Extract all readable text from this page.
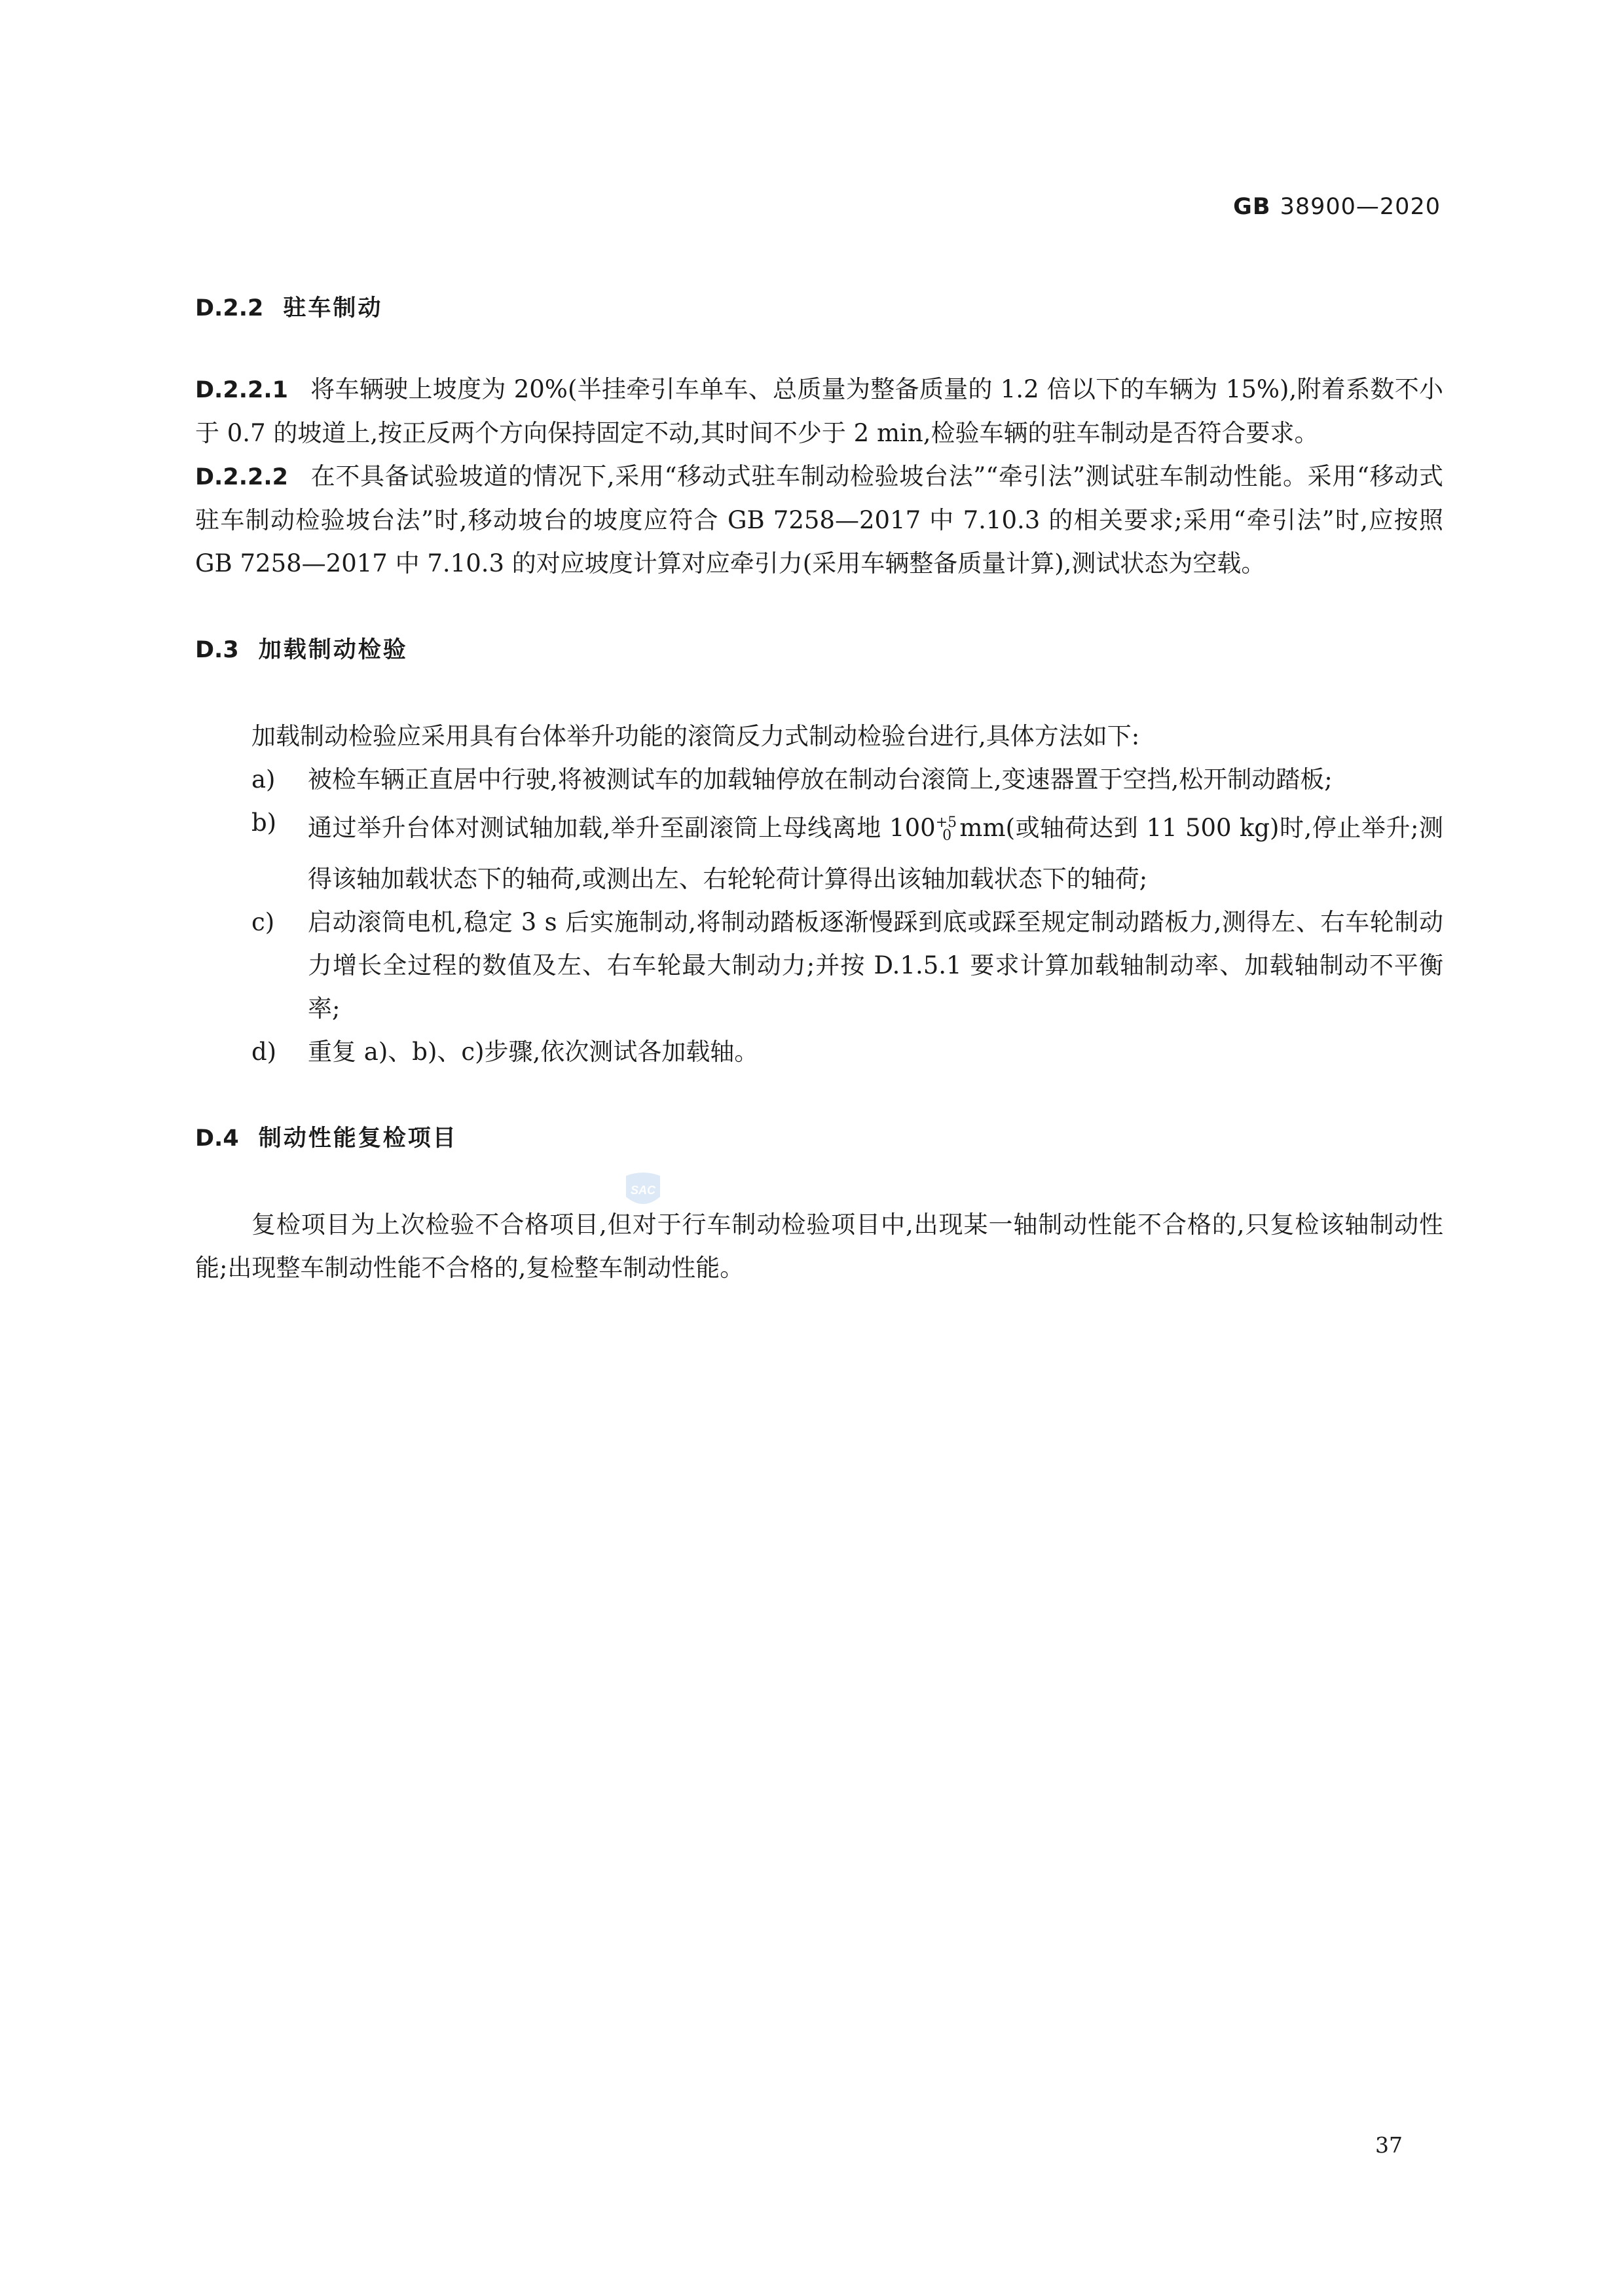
GB 38900—2020

D.2.2 驻车制动

D.2.2.1 将车辆驶上坡度为 20%(半挂牵引车单车、总质量为整备质量的 1.2 倍以下的车辆为 15%),附着系数不小于 0.7 的坡道上,按正反两个方向保持固定不动,其时间不少于 2 min,检验车辆的驻车制动是否符合要求。

D.2.2.2 在不具备试验坡道的情况下,采用“移动式驻车制动检验坡台法”“牵引法”测试驻车制动性能。采用“移动式驻车制动检验坡台法”时,移动坡台的坡度应符合 GB 7258—2017 中 7.10.3 的相关要求;采用“牵引法”时,应按照 GB 7258—2017 中 7.10.3 的对应坡度计算对应牵引力(采用车辆整备质量计算),测试状态为空载。

D.3 加载制动检验

加载制动检验应采用具有台体举升功能的滚筒反力式制动检验台进行,具体方法如下:

a) 被检车辆正直居中行驶,将被测试车的加载轴停放在制动台滚筒上,变速器置于空挡,松开制动踏板;
b) 通过举升台体对测试轴加载,举升至副滚筒上母线离地 $100^{+5}_0$ mm(或轴荷达到 11 500 kg)时,停止举升;测得该轴加载状态下的轴荷,或测出左、右轮轮荷计算得出该轴加载状态下的轴荷;
c) 启动滚筒电机,稳定 3 s 后实施制动,将制动踏板逐渐慢踩到底或踩至规定制动踏板力,测得左、右车轮制动力增长全过程的数值及左、右车轮最大制动力;并按 D.1.5.1 要求计算加载轴制动率、加载轴制动不平衡率;
d) 重复 a)、b)、c)步骤,依次测试各加载轴。

D.4 制动性能复检项目

复检项目为上次检验不合格项目,但对于行车制动检验项目中,出现某一轴制动性能不合格的,只复检该轴制动性能;出现整车制动性能不合格的,复检整车制动性能。

SAC
37
